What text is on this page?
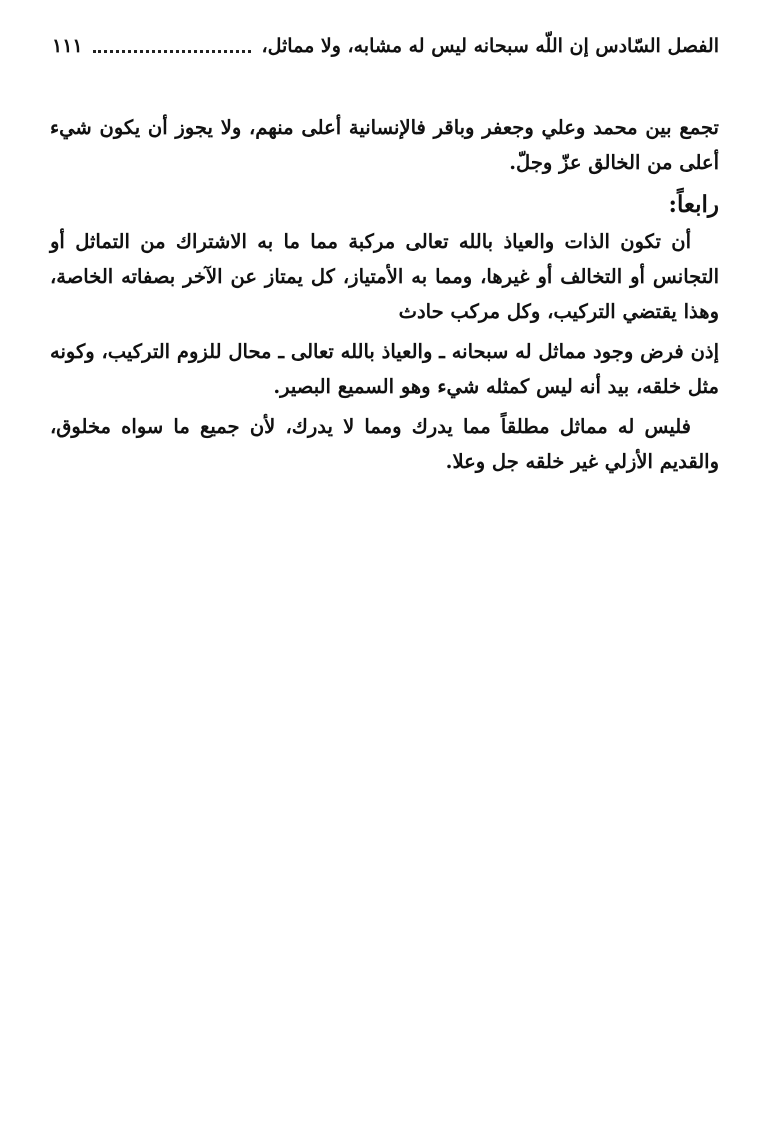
الفصل السّادس إن اللّه سبحانه ليس له مشابه، ولا مماثل،
١١١

تجمع بين محمد وعلي وجعفر وباقر فالإنسانية أعلى منهم، ولا يجوز أن يكون شيء أعلى من الخالق عزّ وجلّ.

رابعاً:

أن تكون الذات والعياذ بالله تعالى مركبة مما ما به الاشتراك من التماثل أو التجانس أو التخالف أو غيرها، ومما به الأمتياز، كل يمتاز عن الآخر بصفاته الخاصة، وهذا يقتضي التركيب، وكل مركب حادث

إذن فرض وجود مماثل له سبحانه ـ والعياذ بالله تعالى ـ محال للزوم التركيب، وكونه مثل خلقه، بيد أنه ليس كمثله شيء وهو السميع البصير.

فليس له مماثل مطلقاً مما يدرك ومما لا يدرك، لأن جميع ما سواه مخلوق، والقديم الأزلي غير خلقه جل وعلا.
